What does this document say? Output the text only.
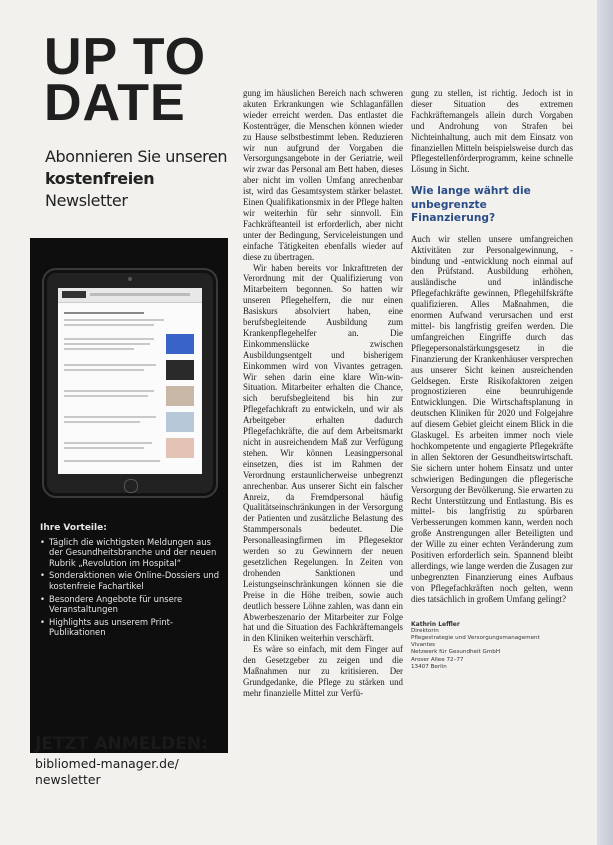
UP TO
DATE
Abonnieren Sie unseren
kostenfreien Newsletter
Ihre Vorteile:
• Täglich die wichtigsten Meldungen aus der Gesundheitsbranche und der neuen Rubrik „Revolution im Hospital“
• Sonderaktionen wie Online-Dossiers und kostenfreie Fachartikel
• Besondere Angebote für unsere Veranstaltungen
• Highlights aus unserem Print-Publikationen
JETZT ANMELDEN:
bibliomed-manager.de/
newsletter

gung im häuslichen Bereich nach schweren akuten Erkrankungen wie Schlaganfällen wieder erreicht werden. Das entlastet die Kostenträger, die Menschen können wieder zu Hause selbstbestimmt leben. Reduzieren wir nun aufgrund der Vorgaben die Versorgungsangebote in der Geriatrie, weil wir zwar das Personal am Bett haben, dieses aber nicht im vollen Umfang anrechenbar ist, wird das Gesamtsystem stärker belastet. Einen Qualifikationsmix in der Pflege halten wir weiterhin für sehr sinnvoll. Ein Fachkräfteanteil ist erforderlich, aber nicht unter der Bedingung, Serviceleistungen und einfache Tätigkeiten ebenfalls wieder auf diese zu übertragen.

Wir haben bereits vor Inkrafttreten der Verordnung mit der Qualifizierung von Mitarbeitern begonnen. So hatten wir unseren Pflegehelfern, die nur einen Basiskurs absolviert haben, eine berufsbegleitende Ausbildung zum Krankenpflegehelfer an. Die Einkommenslücke zwischen Ausbildungsentgelt und bisherigem Einkommen wird von Vivantes getragen. Wir sehen darin eine klare Win-win-Situation. Mitarbeiter erhalten die Chance, sich berufsbegleitend bis hin zur Pflegefachkraft zu entwickeln, und wir als Arbeitgeber erhalten dadurch Pflegefachkräfte, die auf dem Arbeitsmarkt nicht in ausreichendem Maß zur Verfügung stehen. Wir können Leasingpersonal einsetzen, dies ist im Rahmen der Verordnung erstaunlicherweise unbegrenzt anrechenbar. Aus unserer Sicht ein falscher Anreiz, da Fremdpersonal häufig Qualitätseinschränkungen in der Versorgung der Patienten und zusätzliche Belastung des Stammpersonals bedeutet. Die Personalleasingfirmen im Pflegesektor werden so zu Gewinnern der neuen gesetzlichen Regelungen. In Zeiten von drohenden Sanktionen und Leistungseinschränkungen können sie die Preise in die Höhe treiben, sowie auch deutlich bessere Löhne zahlen, was dann ein Abwerbeszenario der Mitarbeiter zur Folge hat und die Situation des Fachkräftemangels in den Kliniken weiterhin verschärft.

Es wäre so einfach, mit dem Finger auf den Gesetzgeber zu zeigen und die Maßnahmen nur zu kritisieren. Der Grundgedanke, die Pflege zu stärken und mehr finanzielle Mittel zur Verfü-

gung zu stellen, ist richtig. Jedoch ist in dieser Situation des extremen Fachkräftemangels allein durch Vorgaben und Androhung von Strafen bei Nichteinhaltung, auch mit dem Einsatz von finanziellen Mitteln beispielsweise durch das Pflegestellenförderprogramm, keine schnelle Lösung in Sicht.

Wie lange währt die unbegrenzte Finanzierung?

Auch wir stellen unsere umfangreichen Aktivitäten zur Personalgewinnung, -bindung und -entwicklung noch einmal auf den Prüfstand. Ausbildung erhöhen, ausländische und inländische Pflegefachkräfte gewinnen, Pflegehilfskräfte qualifizieren. Alles Maßnahmen, die enormen Aufwand verursachen und erst mittel- bis langfristig greifen werden. Die umfangreichen Eingriffe durch das Pflegepersonalstärkungsgesetz in die Finanzierung der Krankenhäuser versprechen aus unserer Sicht keinen ausreichenden Geldsegen. Erste Risikofaktoren zeigen prognostizieren eine beunruhigende Entwicklungen. Die Wirtschaftsplanung in deutschen Kliniken für 2020 und Folgejahre auf diesem Gebiet gleicht einem Blick in die Glaskugel. Es arbeiten immer noch viele hochkompetente und engagierte Pflegekräfte in allen Sektoren der Gesundheitswirtschaft. Sie sichern unter hohem Einsatz und unter schwierigen Bedingungen die pflegerische Versorgung der Bevölkerung. Sie erwarten zu Recht Unterstützung und Entlastung. Bis es mittel- bis langfristig zu spürbaren Verbesserungen kommen kann, werden noch große Anstrengungen aller Beteiligten und der Wille zu einer echten Veränderung zum Positiven erforderlich sein. Spannend bleibt allerdings, wie lange werden die Zusagen zur unbegrenzten Finanzierung eines Aufbaus von Pflegefachkräften noch gelten, wenn dies tatsächlich in großem Umfang gelingt?

Kathrin Leffler
Direktorin
Pflegestrategie und Versorgungsmanagement
Vivantes
Netzwerk für Gesundheit GmbH
Aroser Allee 72–77
13407 Berlin
